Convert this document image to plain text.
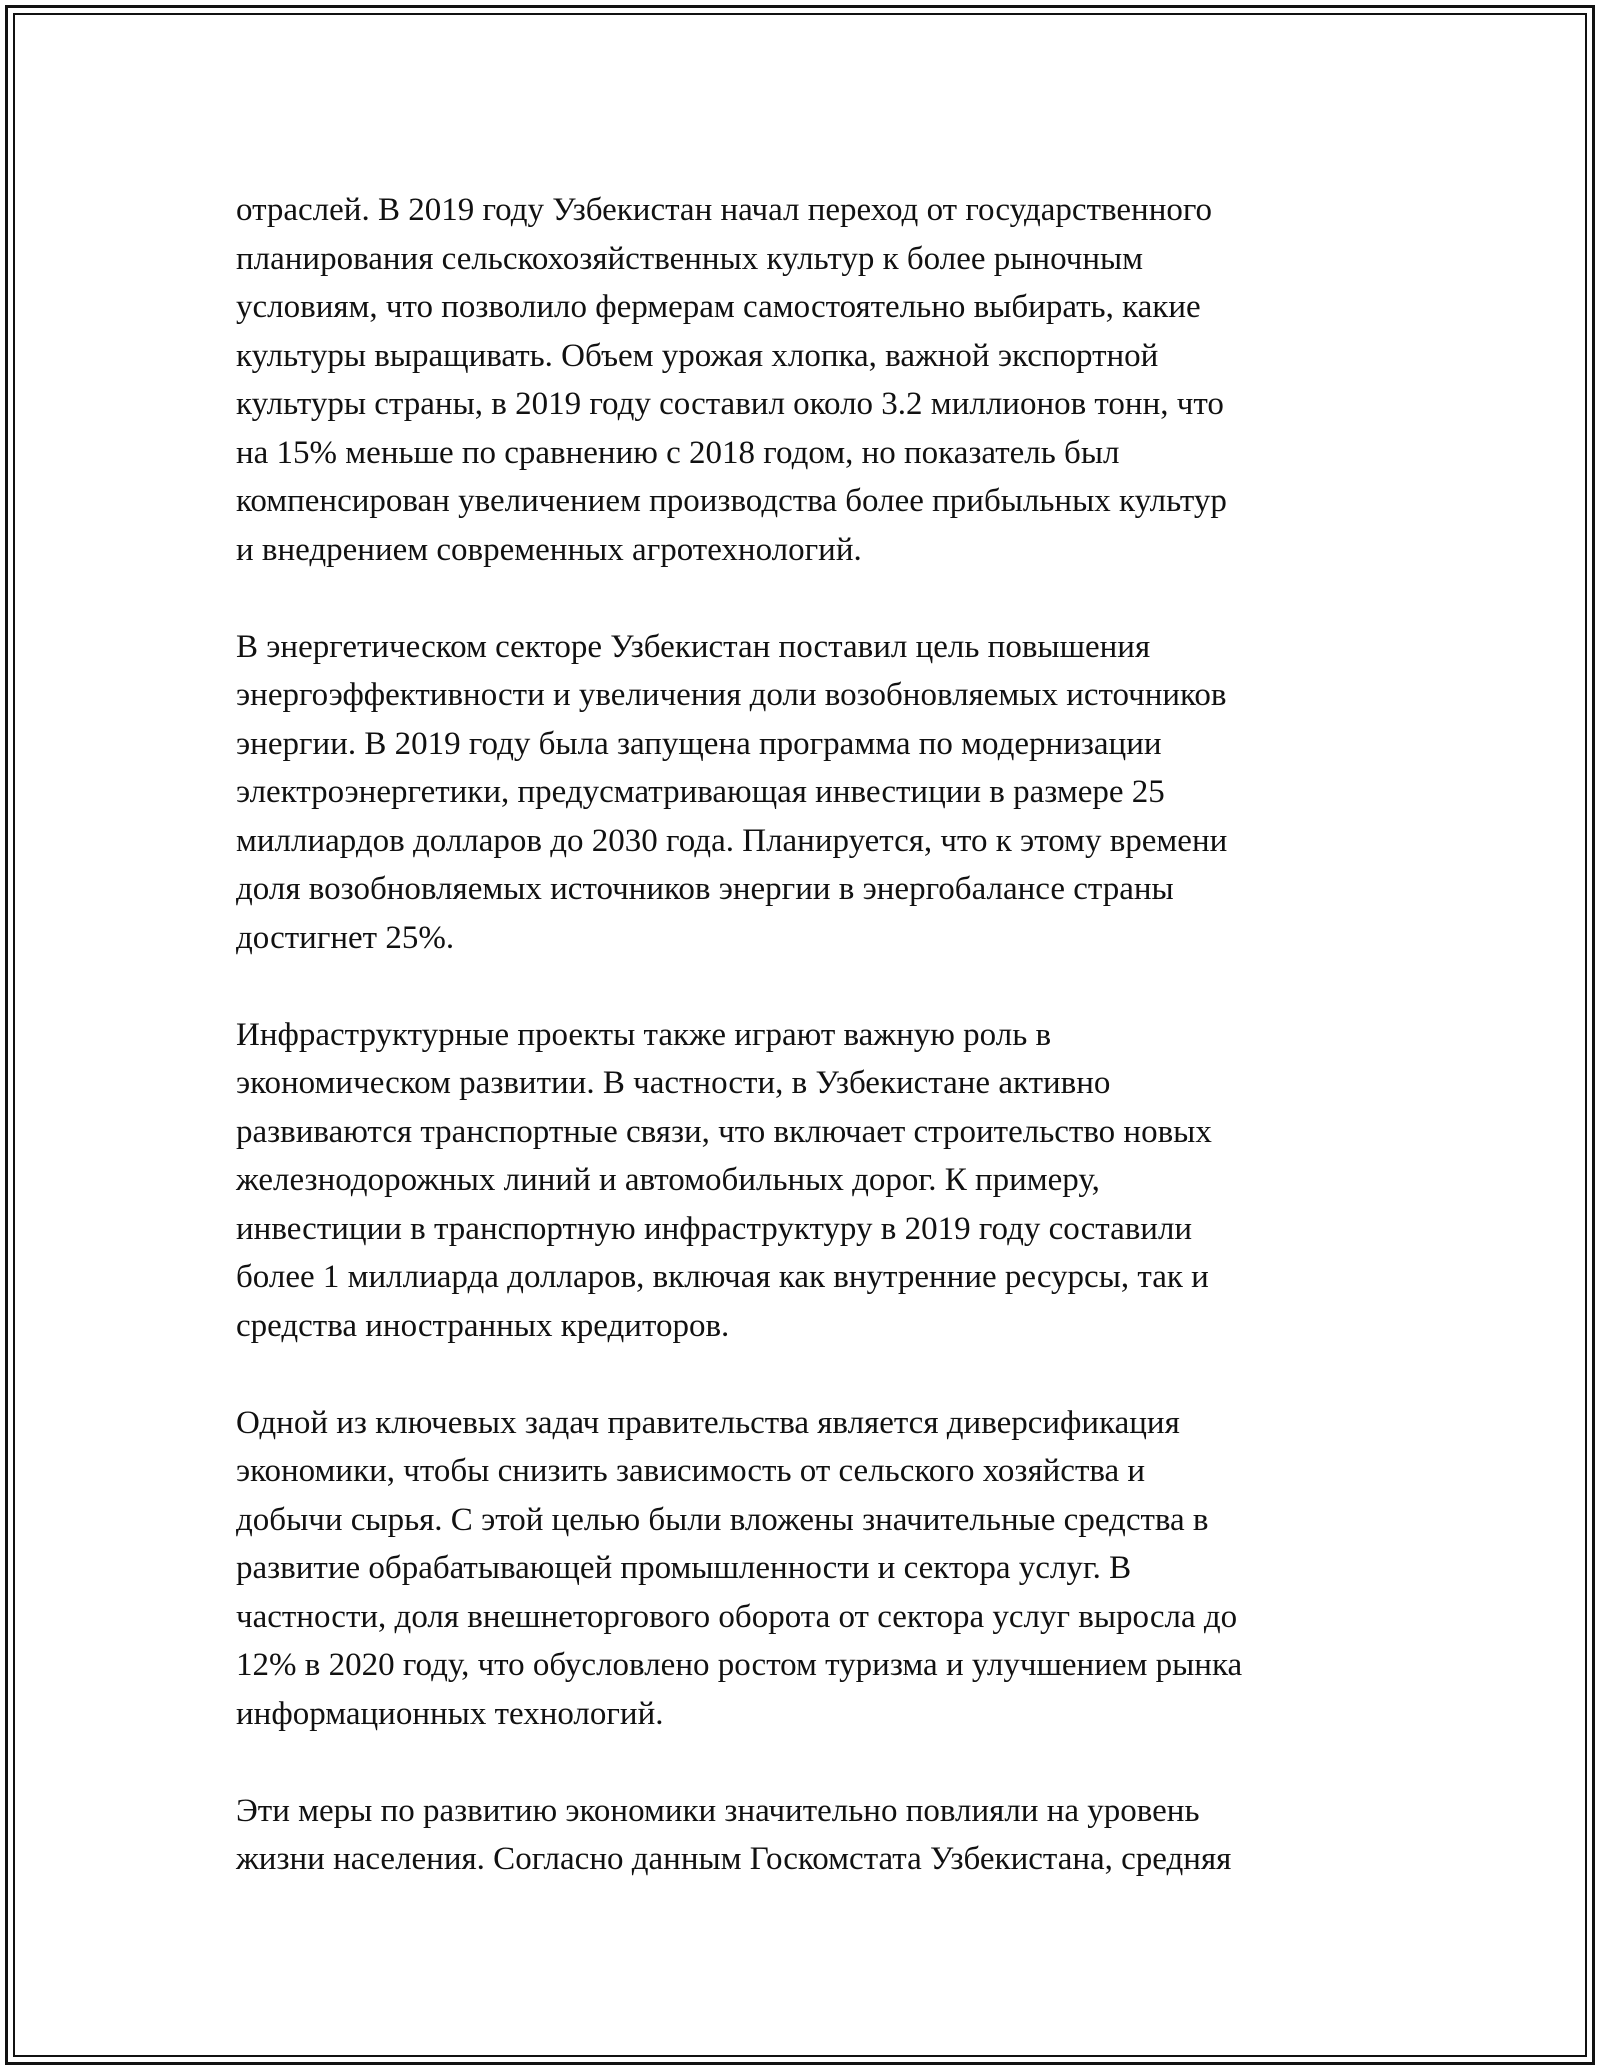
отраслей. В 2019 году Узбекистан начал переход от государственного
планирования сельскохозяйственных культур к более рыночным
условиям, что позволило фермерам самостоятельно выбирать, какие
культуры выращивать. Объем урожая хлопка, важной экспортной
культуры страны, в 2019 году составил около 3.2 миллионов тонн, что
на 15% меньше по сравнению с 2018 годом, но показатель был
компенсирован увеличением производства более прибыльных культур
и внедрением современных агротехнологий.
В энергетическом секторе Узбекистан поставил цель повышения
энергоэффективности и увеличения доли возобновляемых источников
энергии. В 2019 году была запущена программа по модернизации
электроэнергетики, предусматривающая инвестиции в размере 25
миллиардов долларов до 2030 года. Планируется, что к этому времени
доля возобновляемых источников энергии в энергобалансе страны
достигнет 25%.
Инфраструктурные проекты также играют важную роль в
экономическом развитии. В частности, в Узбекистане активно
развиваются транспортные связи, что включает строительство новых
железнодорожных линий и автомобильных дорог. К примеру,
инвестиции в транспортную инфраструктуру в 2019 году составили
более 1 миллиарда долларов, включая как внутренние ресурсы, так и
средства иностранных кредиторов.
Одной из ключевых задач правительства является диверсификация
экономики, чтобы снизить зависимость от сельского хозяйства и
добычи сырья. С этой целью были вложены значительные средства в
развитие обрабатывающей промышленности и сектора услуг. В
частности, доля внешнеторгового оборота от сектора услуг выросла до
12% в 2020 году, что обусловлено ростом туризма и улучшением рынка
информационных технологий.
Эти меры по развитию экономики значительно повлияли на уровень
жизни населения. Согласно данным Госкомстата Узбекистана, средняя
